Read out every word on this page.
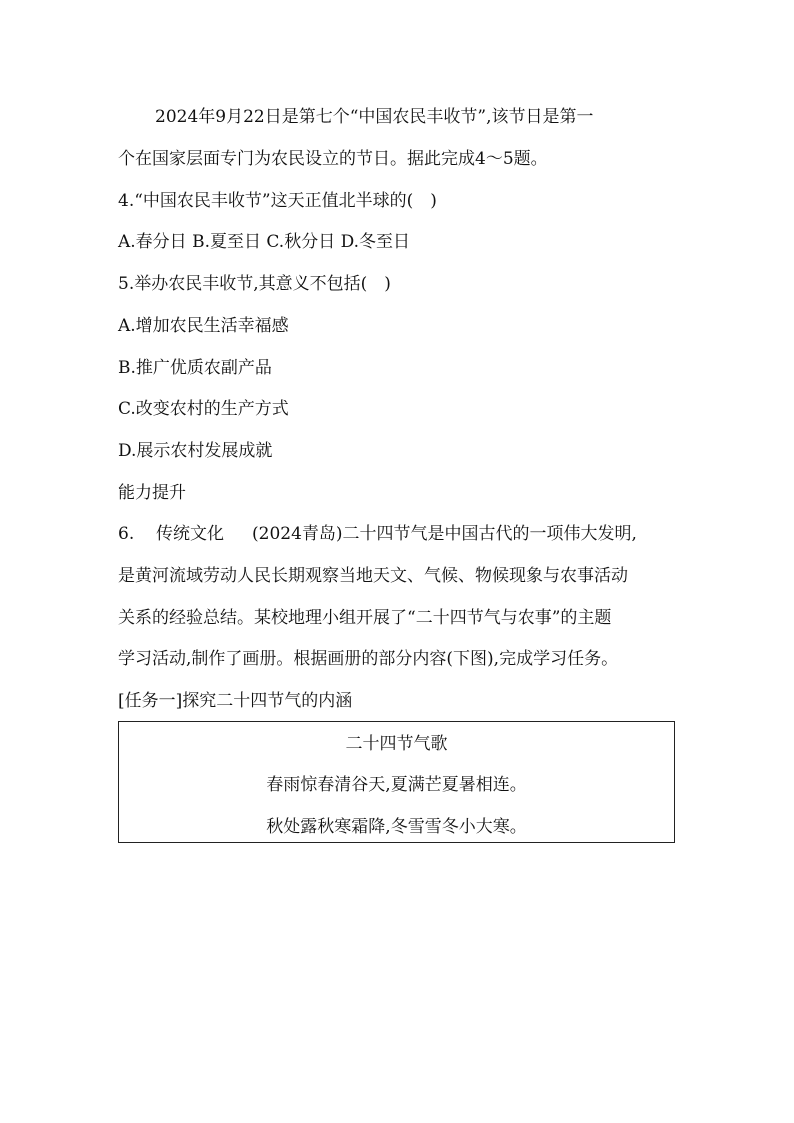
2024年9月22日是第七个“中国农民丰收节”,该节日是第一
个在国家层面专门为农民设立的节日。据此完成4～5题。
4.“中国农民丰收节”这天正值北半球的(　)
A.春分日 B.夏至日 C.秋分日 D.冬至日
5.举办农民丰收节,其意义不包括(　)
A.增加农民生活幸福感
B.推广优质农副产品
C.改变农村的生产方式
D.展示农村发展成就
能力提升
6. 传统文化 (2024青岛)二十四节气是中国古代的一项伟大发明,
是黄河流域劳动人民长期观察当地天文、气候、物候现象与农事活动
关系的经验总结。某校地理小组开展了“二十四节气与农事”的主题
学习活动,制作了画册。根据画册的部分内容(下图),完成学习任务。
[任务一]探究二十四节气的内涵
二十四节气歌
春雨惊春清谷天,夏满芒夏暑相连。
秋处露秋寒霜降,冬雪雪冬小大寒。
